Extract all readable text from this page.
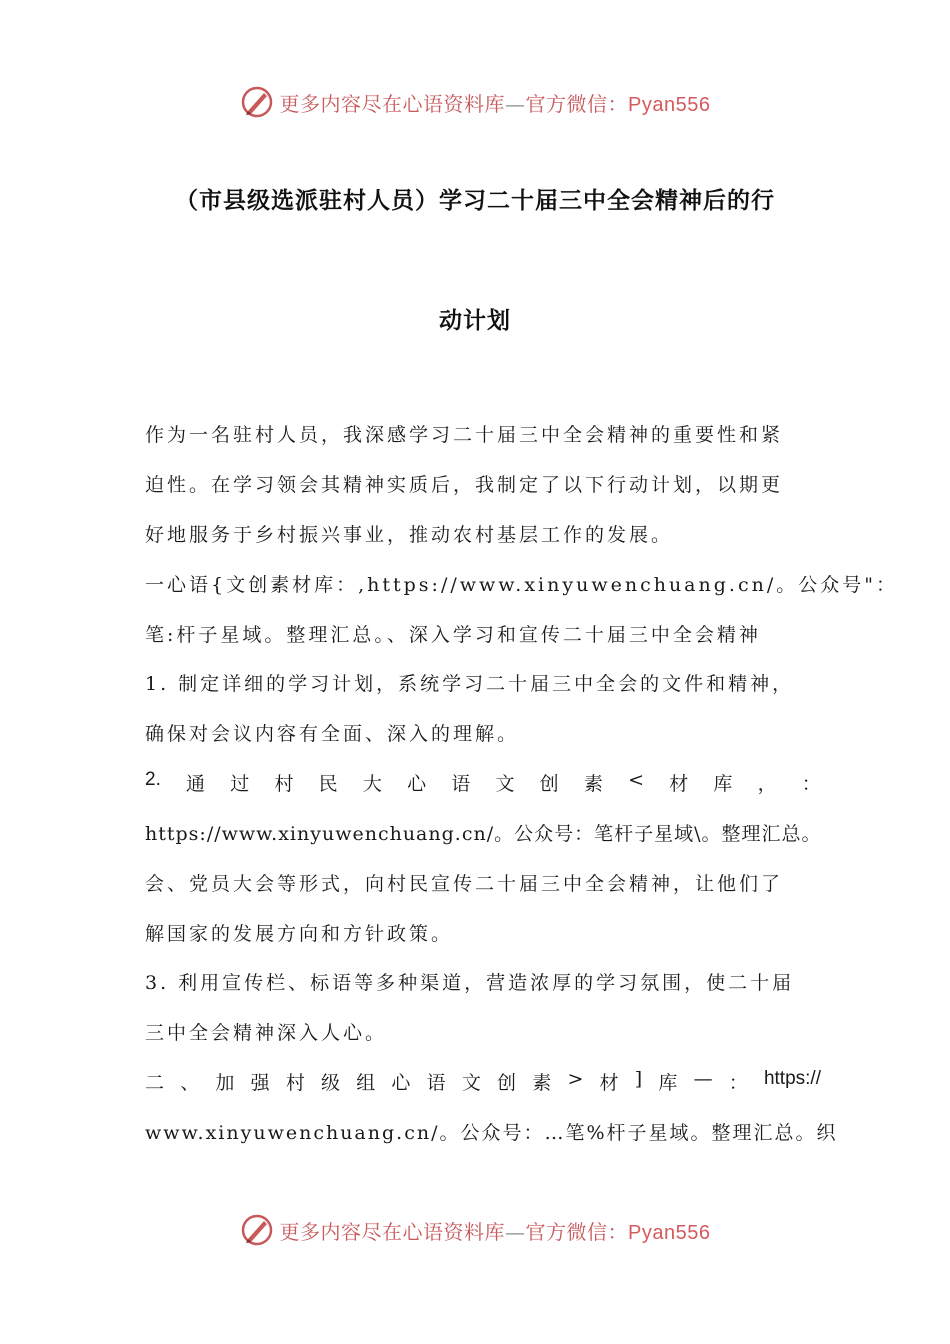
更多内容尽在心语资料库—官方微信：Pyan556
（市县级选派驻村人员）学习二十届三中全会精神后的行
动计划
作为一名驻村人员，我深感学习二十届三中全会精神的重要性和紧
迫性。在学习领会其精神实质后，我制定了以下行动计划，以期更
好地服务于乡村振兴事业，推动农村基层工作的发展。
一心语{文创素材库：,https://www.xinyuwenchuang.cn/。公众号"：
笔:杆子星域。整理汇总。、深入学习和宣传二十届三中全会精神
1. 制定详细的学习计划，系统学习二十届三中全会的文件和精神，
确保对会议内容有全面、深入的理解。
2. 通 过 村 民 大 心 语 文 创 素 < 材 库 ， ：
https://www.xinyuwenchuang.cn/。公众号：笔杆子星域\。整理汇总。
会、党员大会等形式，向村民宣传二十届三中全会精神，让他们了
解国家的发展方向和方针政策。
3. 利用宣传栏、标语等多种渠道，营造浓厚的学习氛围，使二十届
三中全会精神深入人心。
二 、 加 强 村 级 组 心 语 文 创 素 > 材 ] 库 — ： https://
www.xinyuwenchuang.cn/。公众号：…笔%杆子星域。整理汇总。织
更多内容尽在心语资料库—官方微信：Pyan556
